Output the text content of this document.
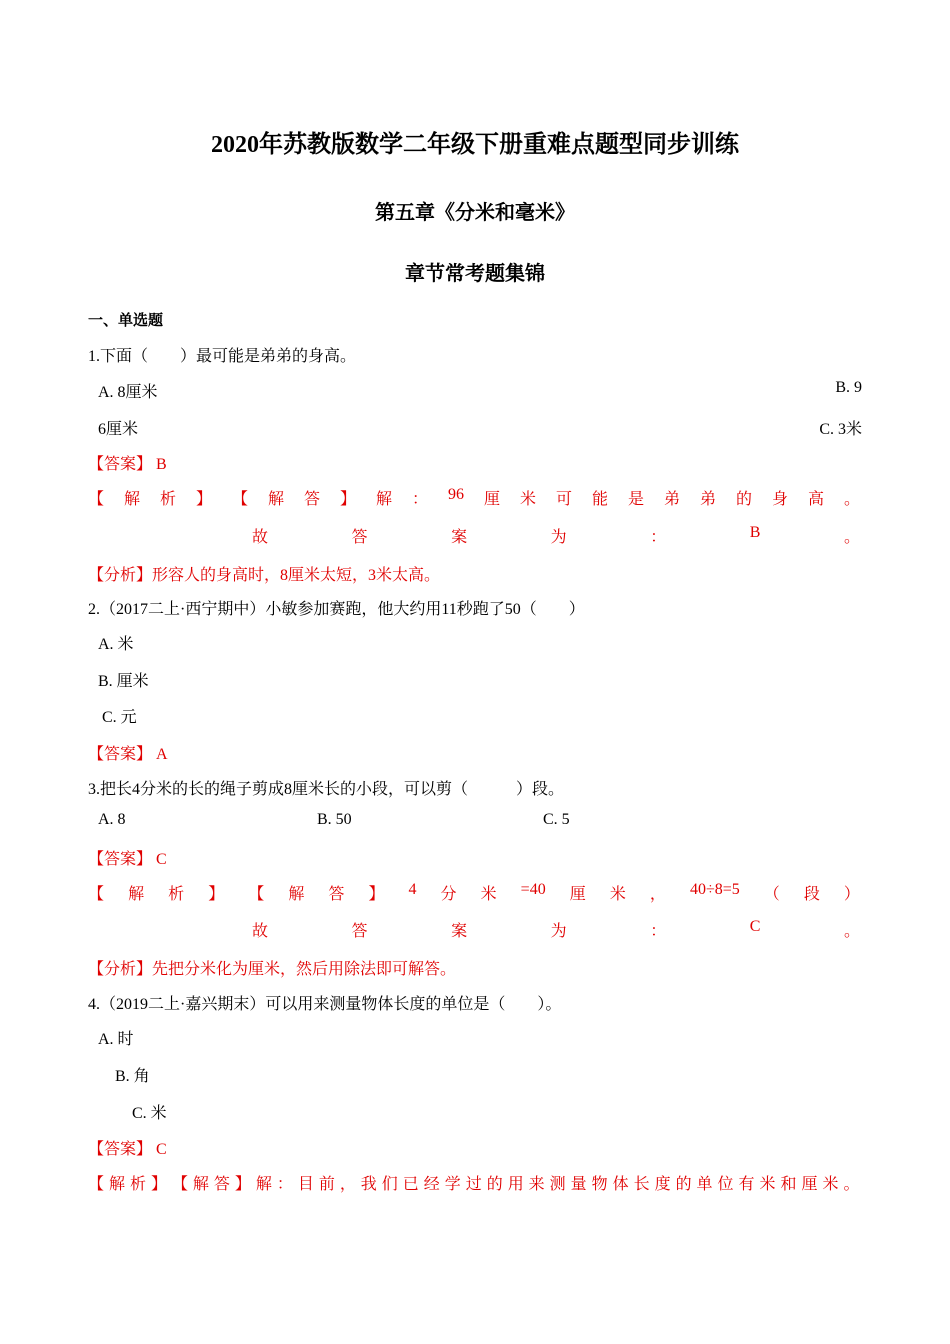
2020年苏教版数学二年级下册重难点题型同步训练
第五章《分米和毫米》
章节常考题集锦
一、单选题
1.下面（　　）最可能是弟弟的身高。
A. 8厘米	B. 9
6厘米	C. 3米
【答案】 B
【 解 析 】 【 解 答 】 解 ： 96 厘 米 可 能 是 弟 弟 的 身 高 。
故	答	案	为	：	B	。
【分析】形容人的身高时，8厘米太短，3米太高。
2.（2017二上·西宁期中）小敏参加赛跑，他大约用11秒跑了50（　　）
A. 米
B. 厘米
C. 元
【答案】 A
3.把长4分米的长的绳子剪成8厘米长的小段，可以剪（　　　）段。
A. 8	B. 50	C. 5
【答案】 C
【 解 析 】 【 解 答 】 4 分 米 =40 厘 米 ， 40÷8=5 （ 段 ）
故	答	案	为	：	C	。
【分析】先把分米化为厘米，然后用除法即可解答。
4.（2019二上·嘉兴期末）可以用来测量物体长度的单位是（　　）。
A. 时
B. 角
C. 米
【答案】 C
【 解 析 】 【 解 答 】 解 ： 目 前 ， 我 们 已 经 学 过 的 用 来 测 量 物 体 长 度 的 单 位 有 米 和 厘 米 。
